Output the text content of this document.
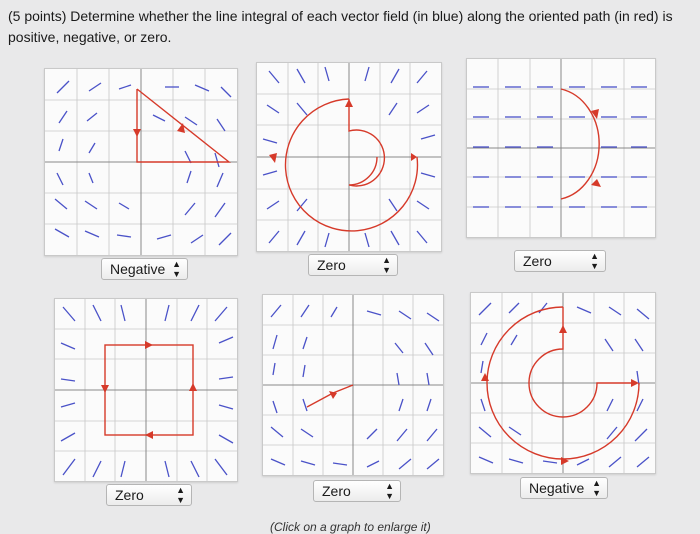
(5 points) Determine whether the line integral of each vector field (in blue) along the oriented path (in red) is positive, negative, or zero.

Negative ▲
▼
Zero	▲
▼
Zero	▲
▼
Zero	▲
▼
Zero	▲
▼	Negative ▲
▼
(Click on a graph to enlarge it)
